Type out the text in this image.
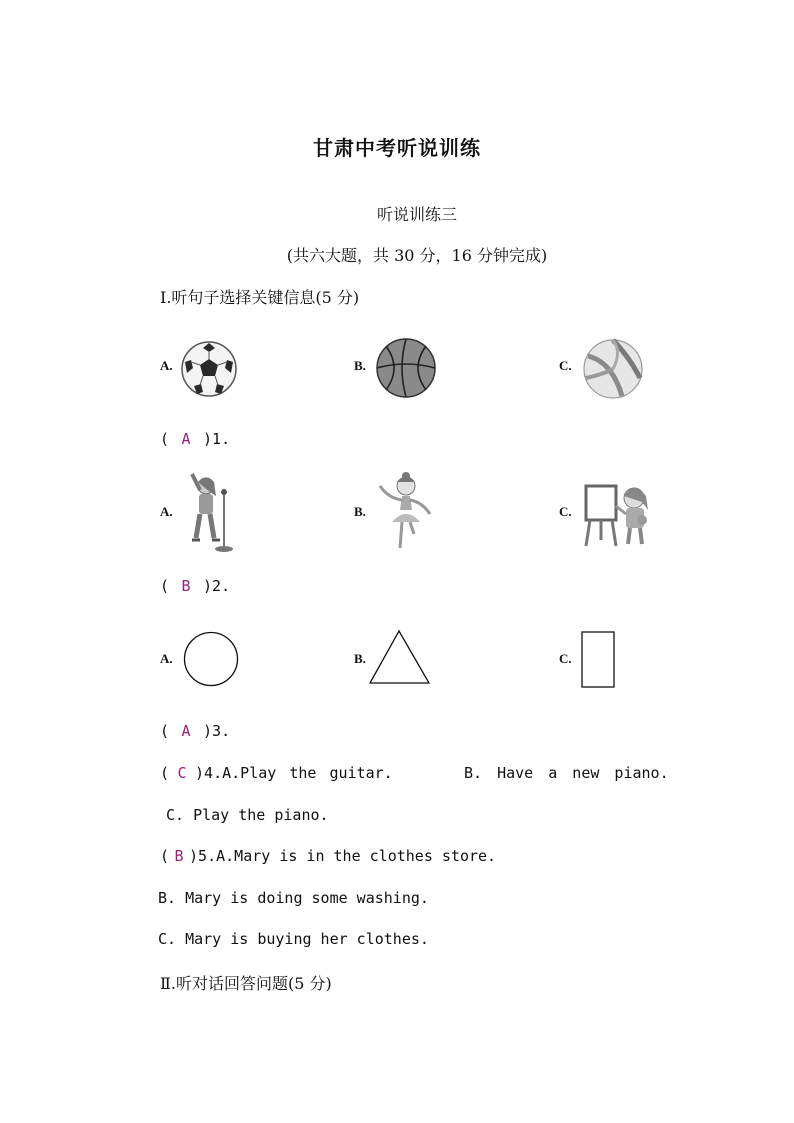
甘肃中考听说训练
听说训练三
(共六大题，共 30 分，16 分钟完成)
Ⅰ.听句子选择关键信息(5 分)
A.	B.	C.
( A )1.
A.	B.	C.
( B )2.
A.	B.	C.
( A )3.
( C )4.A.Play the guitar.	B. Have a new piano.
C. Play the piano.
( B )5.A.Mary is in the clothes store.
B. Mary is doing some washing.
C. Mary is buying her clothes.
Ⅱ.听对话回答问题(5 分)
